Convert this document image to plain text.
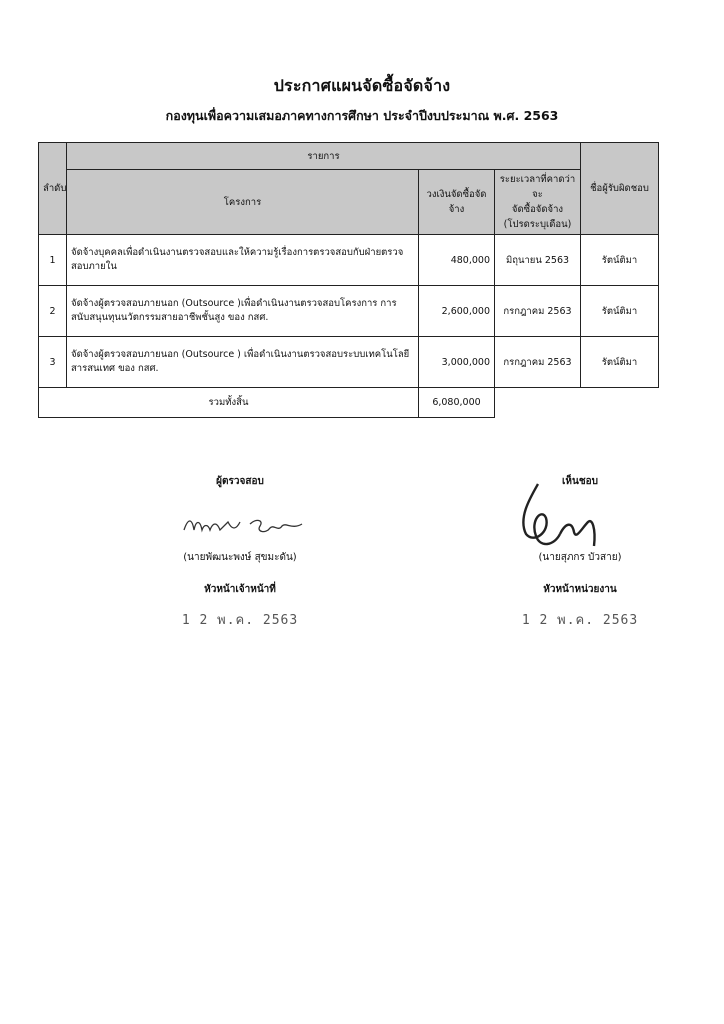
ประกาศแผนจัดซื้อจัดจ้าง
กองทุนเพื่อความเสมอภาคทางการศึกษา ประจำปีงบประมาณ พ.ศ. 2563
ลำดับ	รายการ			ชื่อผู้รับผิดชอบ
	โครงการ	วงเงินจัดซื้อจัด จ้าง	ระยะเวลาที่คาดว่าจะ
จัดซื้อจัดจ้าง
(โปรดระบุเดือน)	

1	จัดจ้างบุคคลเพื่อดำเนินงานตรวจสอบและให้ความรู้เรื่องการตรวจสอบกับฝ่ายตรวจสอบภายใน	480,000	มิถุนายน 2563	รัตน์ติมา
2	จัดจ้างผู้ตรวจสอบภายนอก (Outsource )เพื่อดำเนินงานตรวจสอบโครงการ การสนับสนุนทุนนวัตกรรมสายอาชีพชั้นสูง ของ กสศ.	2,600,000	กรกฎาคม 2563	รัตน์ติมา
3	จัดจ้างผู้ตรวจสอบภายนอก (Outsource ) เพื่อดำเนินงานตรวจสอบระบบเทคโนโลยีสารสนเทศ ของ กสศ.	3,000,000	กรกฎาคม 2563	รัตน์ติมา
รวมทั้งสิ้น		6,080,000		
ผู้ตรวจสอบ
(นายพัฒนะพงษ์ สุขมะดัน)
หัวหน้าเจ้าหน้าที่
1 2 พ.ค. 2563
เห็นชอบ
(นายสุภกร บัวสาย)
หัวหน้าหน่วยงาน
1 2 พ.ค. 2563
